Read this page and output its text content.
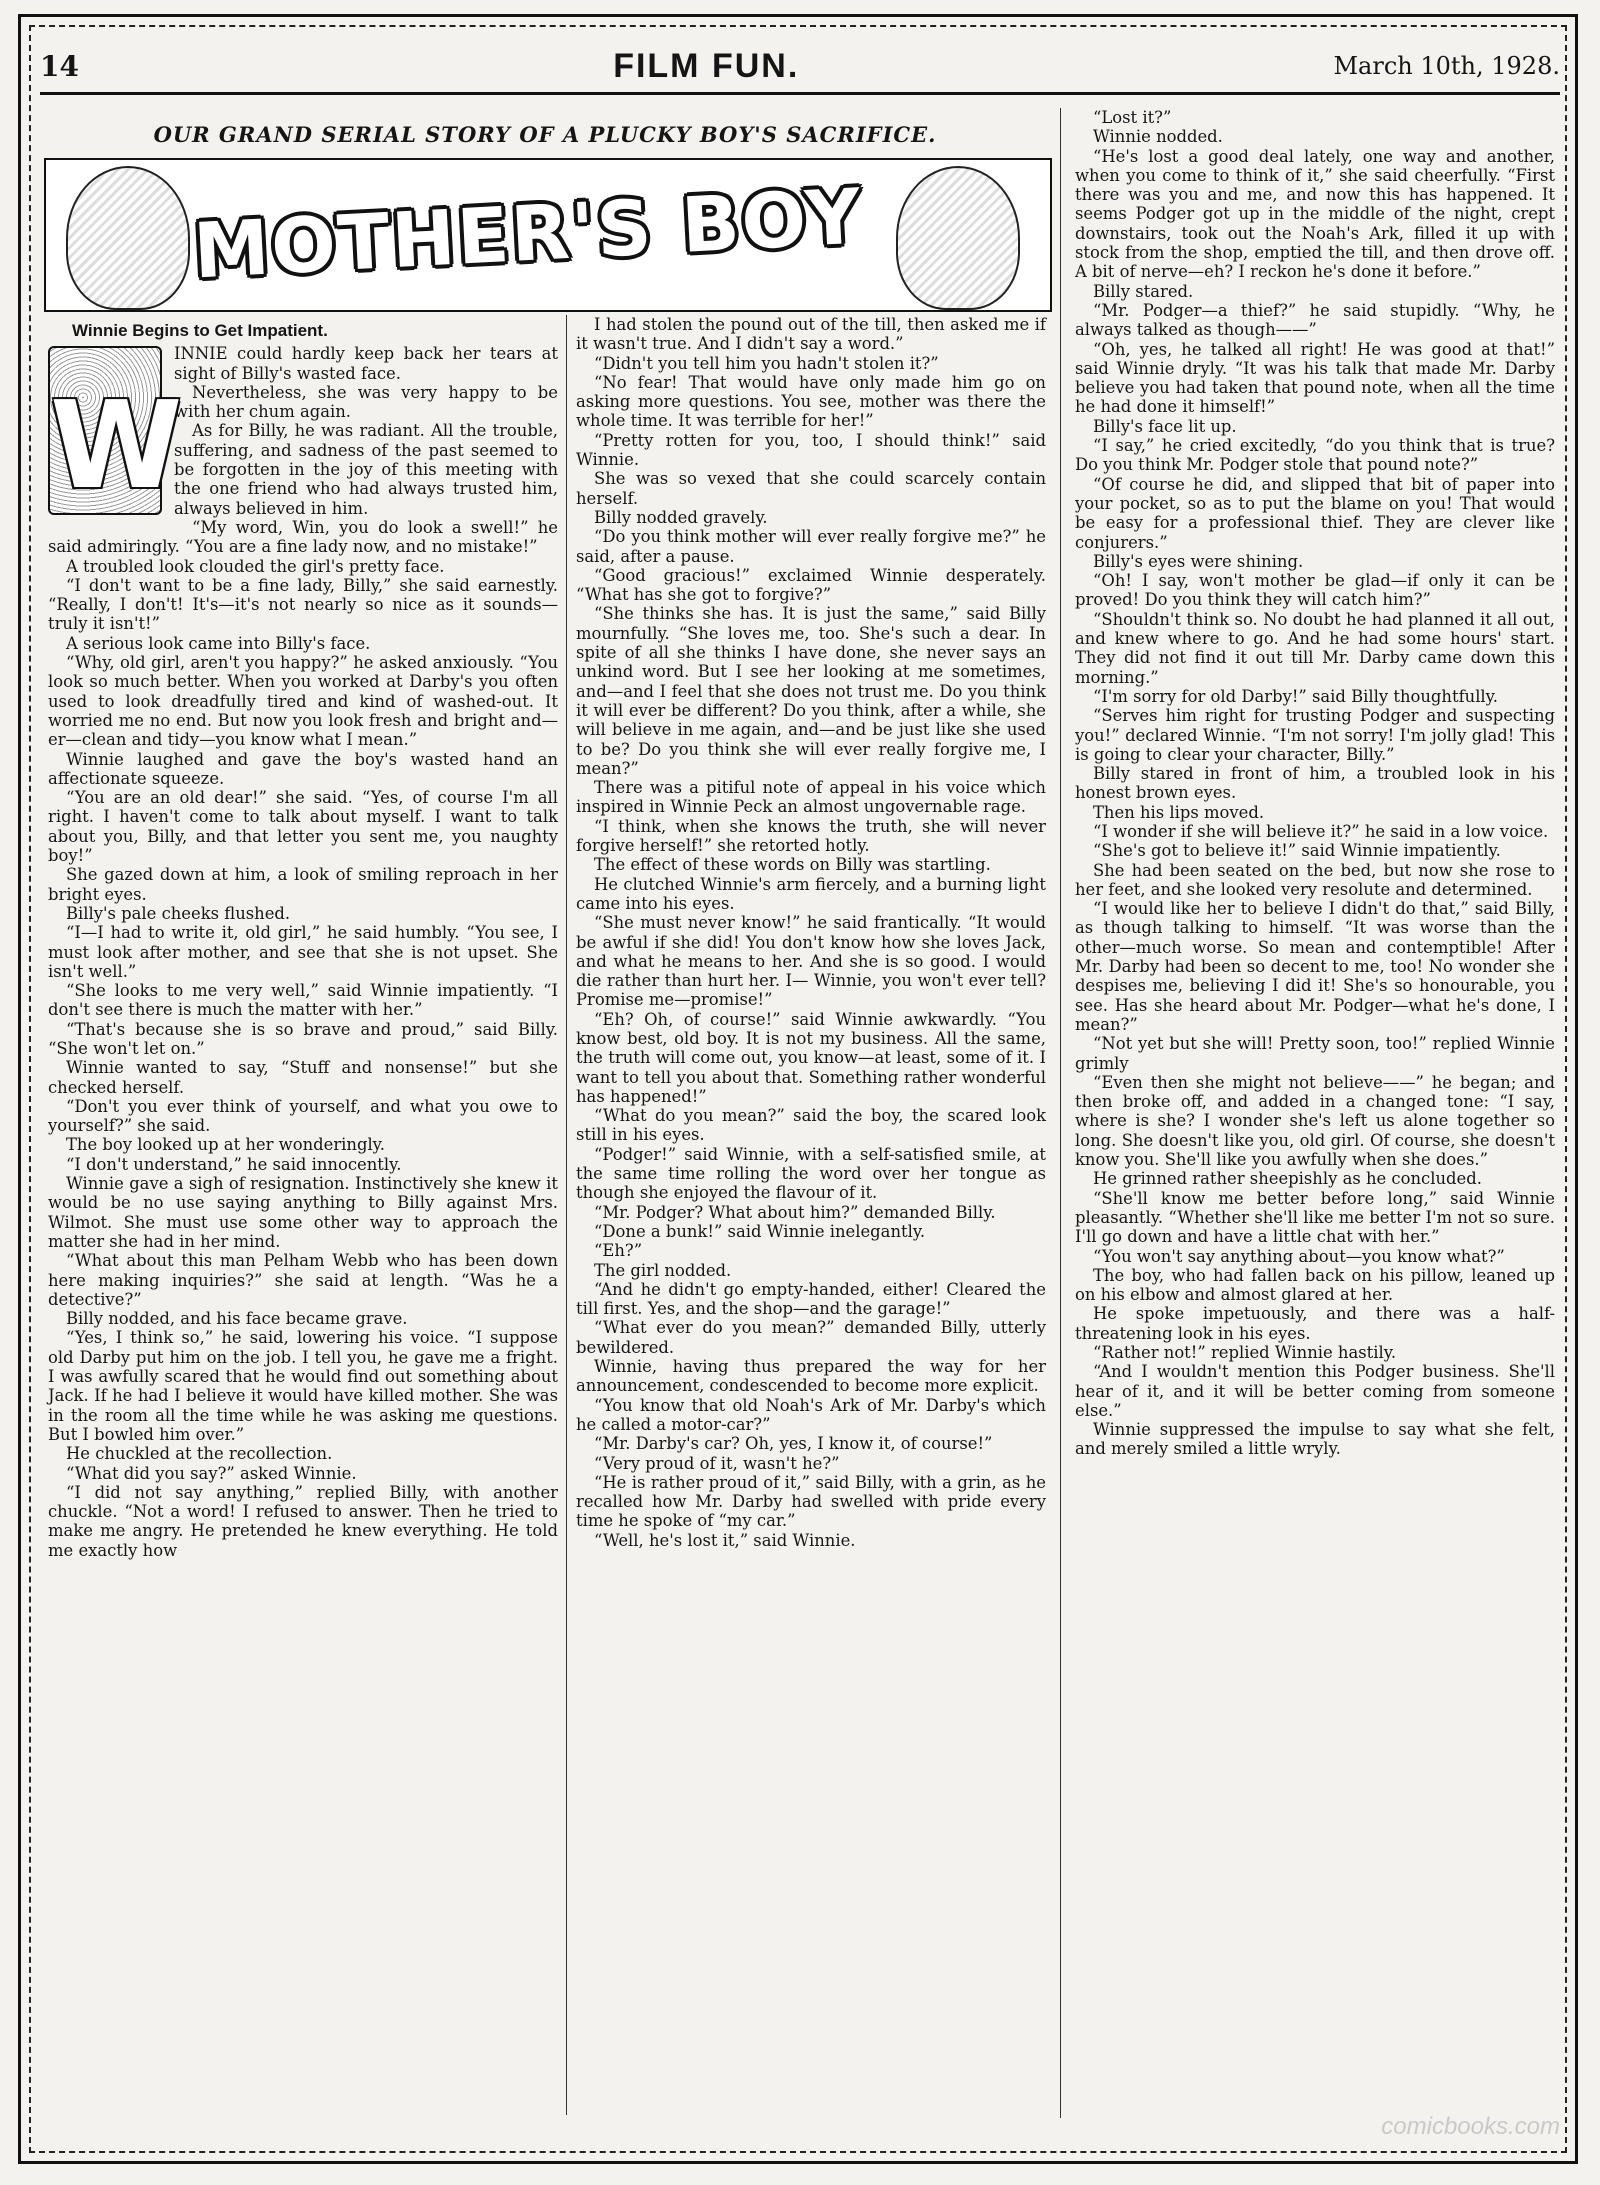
14	FILM FUN.	March 10th, 1928.
OUR GRAND SERIAL STORY OF A PLUCKY BOY'S SACRIFICE.
MOTHER'S BOY
Winnie Begins to Get Impatient.
W

INNIE could hardly keep back her tears at sight of Billy's wasted face.

Nevertheless, she was very happy to be with her chum again.

As for Billy, he was radiant. All the trouble, suffering, and sadness of the past seemed to be forgotten in the joy of this meeting with the one friend who had always trusted him, always believed in him.

“My word, Win, you do look a swell!” he said admiringly. “You are a fine lady now, and no mistake!”

A troubled look clouded the girl's pretty face.

“I don't want to be a fine lady, Billy,” she said earnestly. “Really, I don't! It's—it's not nearly so nice as it sounds—truly it isn't!”

A serious look came into Billy's face.

“Why, old girl, aren't you happy?” he asked anxiously. “You look so much better. When you worked at Darby's you often used to look dreadfully tired and kind of washed-out. It worried me no end. But now you look fresh and bright and—er—clean and tidy—you know what I mean.”

Winnie laughed and gave the boy's wasted hand an affectionate squeeze.

“You are an old dear!” she said. “Yes, of course I'm all right. I haven't come to talk about myself. I want to talk about you, Billy, and that letter you sent me, you naughty boy!”

She gazed down at him, a look of smiling reproach in her bright eyes.

Billy's pale cheeks flushed.

“I—I had to write it, old girl,” he said humbly. “You see, I must look after mother, and see that she is not upset. She isn't well.”

“She looks to me very well,” said Winnie impatiently. “I don't see there is much the matter with her.”

“That's because she is so brave and proud,” said Billy. “She won't let on.”

Winnie wanted to say, “Stuff and nonsense!” but she checked herself.

“Don't you ever think of yourself, and what you owe to yourself?” she said.

The boy looked up at her wonderingly.

“I don't understand,” he said innocently.

Winnie gave a sigh of resignation. Instinctively she knew it would be no use saying anything to Billy against Mrs. Wilmot. She must use some other way to approach the matter she had in her mind.

“What about this man Pelham Webb who has been down here making inquiries?” she said at length. “Was he a detective?”

Billy nodded, and his face became grave.

“Yes, I think so,” he said, lowering his voice. “I suppose old Darby put him on the job. I tell you, he gave me a fright. I was awfully scared that he would find out something about Jack. If he had I believe it would have killed mother. She was in the room all the time while he was asking me questions. But I bowled him over.”

He chuckled at the recollection.

“What did you say?” asked Winnie.

“I did not say anything,” replied Billy, with another chuckle. “Not a word! I refused to answer. Then he tried to make me angry. He pretended he knew everything. He told me exactly how

I had stolen the pound out of the till, then asked me if it wasn't true. And I didn't say a word.”

“Didn't you tell him you hadn't stolen it?”

“No fear! That would have only made him go on asking more questions. You see, mother was there the whole time. It was terrible for her!”

“Pretty rotten for you, too, I should think!” said Winnie.

She was so vexed that she could scarcely contain herself.

Billy nodded gravely.

“Do you think mother will ever really forgive me?” he said, after a pause.

“Good gracious!” exclaimed Winnie desperately. “What has she got to forgive?”

“She thinks she has. It is just the same,” said Billy mournfully. “She loves me, too. She's such a dear. In spite of all she thinks I have done, she never says an unkind word. But I see her looking at me sometimes, and—and I feel that she does not trust me. Do you think it will ever be different? Do you think, after a while, she will believe in me again, and—and be just like she used to be? Do you think she will ever really forgive me, I mean?”

There was a pitiful note of appeal in his voice which inspired in Winnie Peck an almost ungovernable rage.

“I think, when she knows the truth, she will never forgive herself!” she retorted hotly.

The effect of these words on Billy was startling.

He clutched Winnie's arm fiercely, and a burning light came into his eyes.

“She must never know!” he said frantically. “It would be awful if she did! You don't know how she loves Jack, and what he means to her. And she is so good. I would die rather than hurt her. I— Winnie, you won't ever tell? Promise me—promise!”

“Eh? Oh, of course!” said Winnie awkwardly. “You know best, old boy. It is not my business. All the same, the truth will come out, you know—at least, some of it. I want to tell you about that. Something rather wonderful has happened!”

“What do you mean?” said the boy, the scared look still in his eyes.

“Podger!” said Winnie, with a self-satisfied smile, at the same time rolling the word over her tongue as though she enjoyed the flavour of it.

“Mr. Podger? What about him?” demanded Billy.

“Done a bunk!” said Winnie inelegantly.

“Eh?”

The girl nodded.

“And he didn't go empty-handed, either! Cleared the till first. Yes, and the shop—and the garage!”

“What ever do you mean?” demanded Billy, utterly bewildered.

Winnie, having thus prepared the way for her announcement, condescended to become more explicit.

“You know that old Noah's Ark of Mr. Darby's which he called a motor-car?”

“Mr. Darby's car? Oh, yes, I know it, of course!”

“Very proud of it, wasn't he?”

“He is rather proud of it,” said Billy, with a grin, as he recalled how Mr. Darby had swelled with pride every time he spoke of “my car.”

“Well, he's lost it,” said Winnie.

“Lost it?”

Winnie nodded.

“He's lost a good deal lately, one way and another, when you come to think of it,” she said cheerfully. “First there was you and me, and now this has happened. It seems Podger got up in the middle of the night, crept downstairs, took out the Noah's Ark, filled it up with stock from the shop, emptied the till, and then drove off. A bit of nerve—eh? I reckon he's done it before.”

Billy stared.

“Mr. Podger—a thief?” he said stupidly. “Why, he always talked as though——”

“Oh, yes, he talked all right! He was good at that!” said Winnie dryly. “It was his talk that made Mr. Darby believe you had taken that pound note, when all the time he had done it himself!”

Billy's face lit up.

“I say,” he cried excitedly, “do you think that is true? Do you think Mr. Podger stole that pound note?”

“Of course he did, and slipped that bit of paper into your pocket, so as to put the blame on you! That would be easy for a professional thief. They are clever like conjurers.”

Billy's eyes were shining.

“Oh! I say, won't mother be glad—if only it can be proved! Do you think they will catch him?”

“Shouldn't think so. No doubt he had planned it all out, and knew where to go. And he had some hours' start. They did not find it out till Mr. Darby came down this morning.”

“I'm sorry for old Darby!” said Billy thoughtfully.

“Serves him right for trusting Podger and suspecting you!” declared Winnie. “I'm not sorry! I'm jolly glad! This is going to clear your character, Billy.”

Billy stared in front of him, a troubled look in his honest brown eyes.

Then his lips moved.

“I wonder if she will believe it?” he said in a low voice.

“She's got to believe it!” said Winnie impatiently.

She had been seated on the bed, but now she rose to her feet, and she looked very resolute and determined.

“I would like her to believe I didn't do that,” said Billy, as though talking to himself. “It was worse than the other—much worse. So mean and contemptible! After Mr. Darby had been so decent to me, too! No wonder she despises me, believing I did it! She's so honourable, you see. Has she heard about Mr. Podger—what he's done, I mean?”

“Not yet but she will! Pretty soon, too!” replied Winnie grimly

“Even then she might not believe——” he began; and then broke off, and added in a changed tone: “I say, where is she? I wonder she's left us alone together so long. She doesn't like you, old girl. Of course, she doesn't know you. She'll like you awfully when she does.”

He grinned rather sheepishly as he concluded.

“She'll know me better before long,” said Winnie pleasantly. “Whether she'll like me better I'm not so sure. I'll go down and have a little chat with her.”

“You won't say anything about—you know what?”

The boy, who had fallen back on his pillow, leaned up on his elbow and almost glared at her.

He spoke impetuously, and there was a half-threatening look in his eyes.

“Rather not!” replied Winnie hastily.

“And I wouldn't mention this Podger business. She'll hear of it, and it will be better coming from someone else.”

Winnie suppressed the impulse to say what she felt, and merely smiled a little wryly.

comicbooks.com
